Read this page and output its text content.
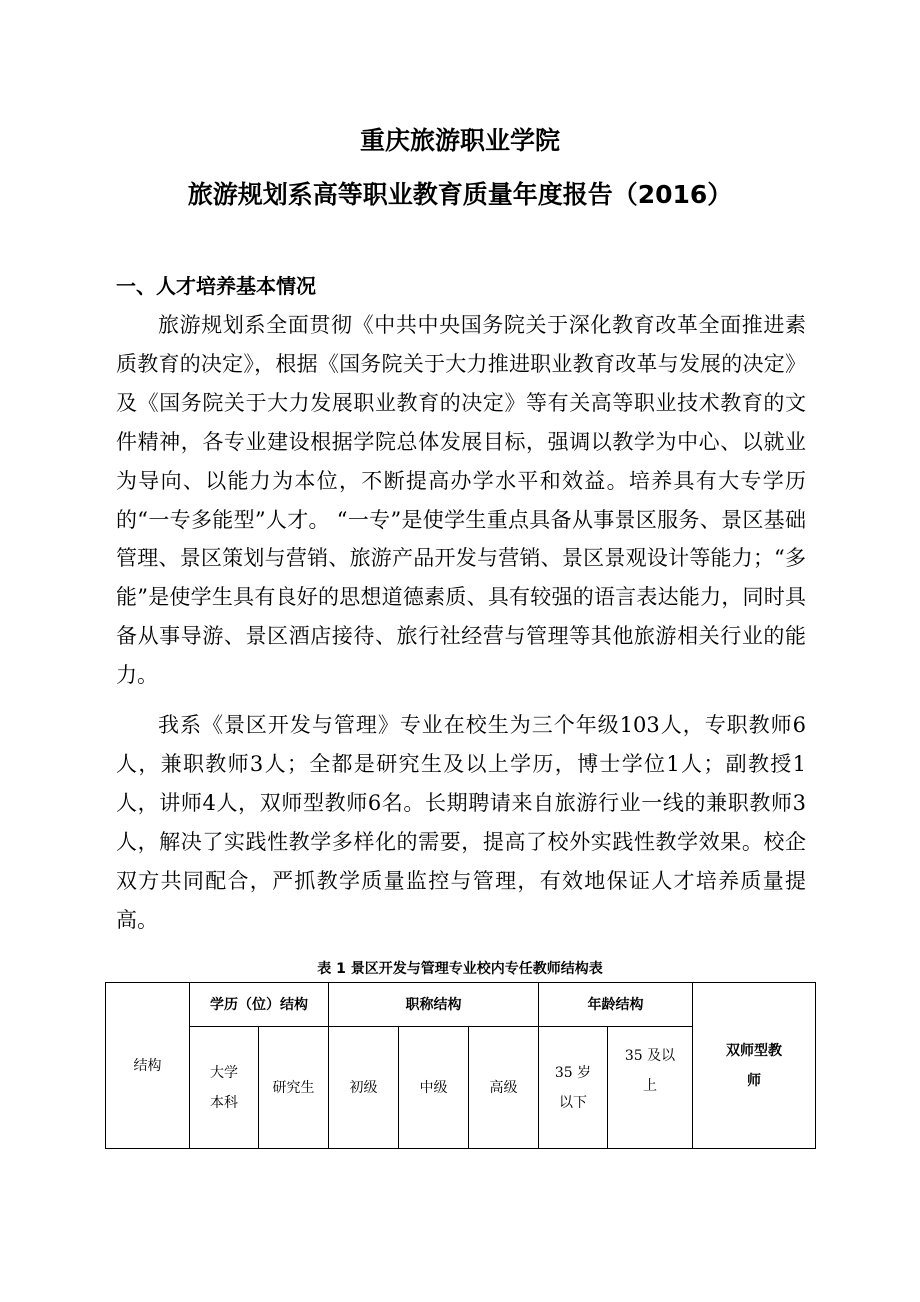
重庆旅游职业学院
旅游规划系高等职业教育质量年度报告（2016）
一、人才培养基本情况

旅游规划系全面贯彻《中共中央国务院关于深化教育改革全面推进素质教育的决定》，根据《国务院关于大力推进职业教育改革与发展的决定》及《国务院关于大力发展职业教育的决定》等有关高等职业技术教育的文件精神，各专业建设根据学院总体发展目标，强调以教学为中心、以就业为导向、以能力为本位，不断提高办学水平和效益。培养具有大专学历的“一专多能型”人才。 “一专”是使学生重点具备从事景区服务、景区基础管理、景区策划与营销、旅游产品开发与营销、景区景观设计等能力；“多能”是使学生具有良好的思想道德素质、具有较强的语言表达能力，同时具备从事导游、景区酒店接待、旅行社经营与管理等其他旅游相关行业的能力。

我系《景区开发与管理》专业在校生为三个年级103人，专职教师6人，兼职教师3人；全都是研究生及以上学历，博士学位1人；副教授1人，讲师4人，双师型教师6名。长期聘请来自旅游行业一线的兼职教师3人，解决了实践性教学多样化的需要，提高了校外实践性教学效果。校企双方共同配合，严抓教学质量监控与管理，有效地保证人才培养质量提高。

表 1 景区开发与管理专业校内专任教师结构表
结构	学历（位）结构		职称结构			年龄结构		双师型教师
	大学本科	研究生	初级	中级	高级	35 岁以下	35 及以上	
